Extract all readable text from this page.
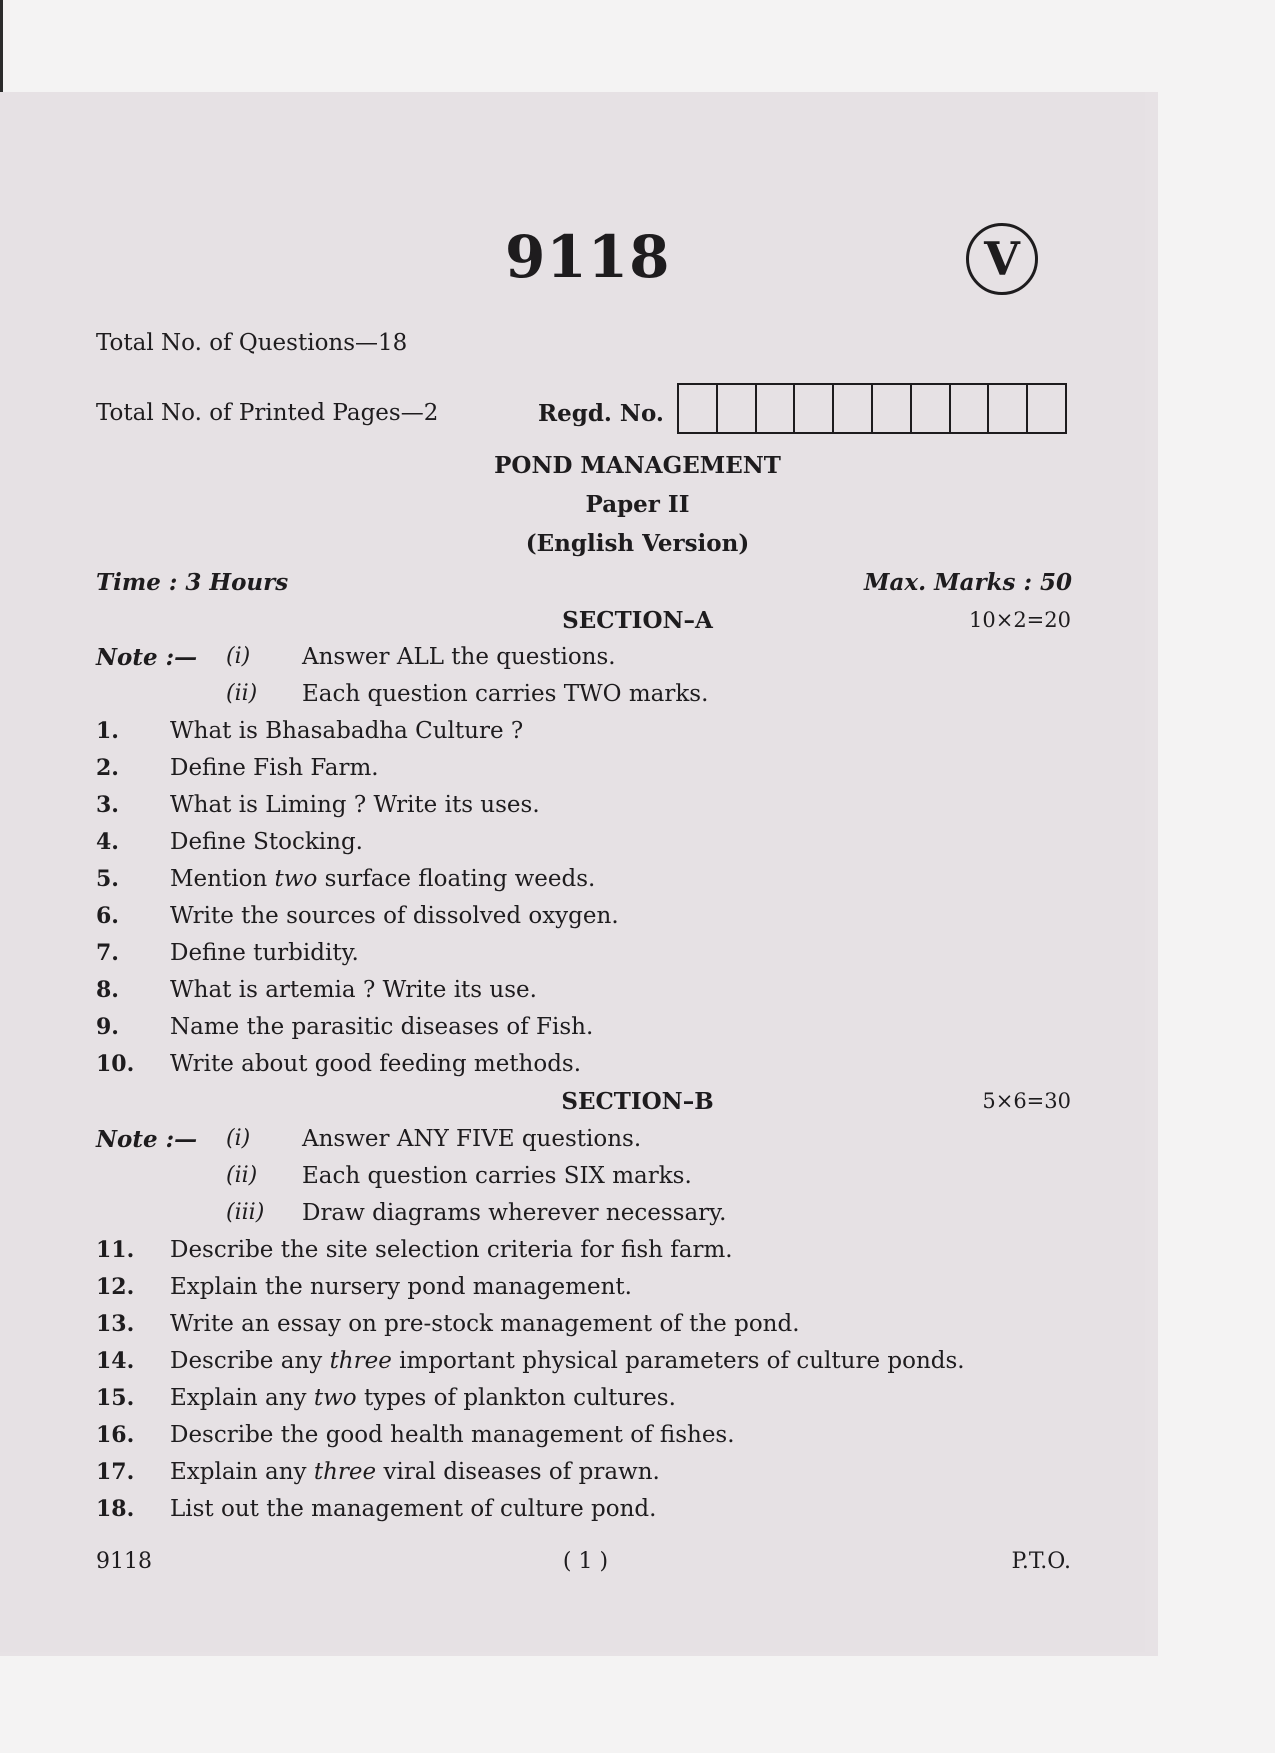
9118	V
Total No. of Questions—18
Total No. of Printed Pages—2	Regd. No.
POND MANAGEMENT
Paper II
(English Version)
Time : 3 Hours	Max. Marks : 50
SECTION–A	10×2=20
Note :— (i) Answer ALL the questions.
(ii) Each question carries TWO marks.
1. What is Bhasabadha Culture ?
2. Define Fish Farm.
3. What is Liming ? Write its uses.
4. Define Stocking.
5. Mention two surface floating weeds.
6. Write the sources of dissolved oxygen.
7. Define turbidity.
8. What is artemia ? Write its use.
9. Name the parasitic diseases of Fish.
10. Write about good feeding methods.
SECTION–B	5×6=30
Note :— (i) Answer ANY FIVE questions.
(ii) Each question carries SIX marks.
(iii) Draw diagrams wherever necessary.
11. Describe the site selection criteria for fish farm.
12. Explain the nursery pond management.
13. Write an essay on pre-stock management of the pond.
14. Describe any three important physical parameters of culture ponds.
15. Explain any two types of plankton cultures.
16. Describe the good health management of fishes.
17. Explain any three viral diseases of prawn.
18. List out the management of culture pond.
9118	( 1 )	P.T.O.
